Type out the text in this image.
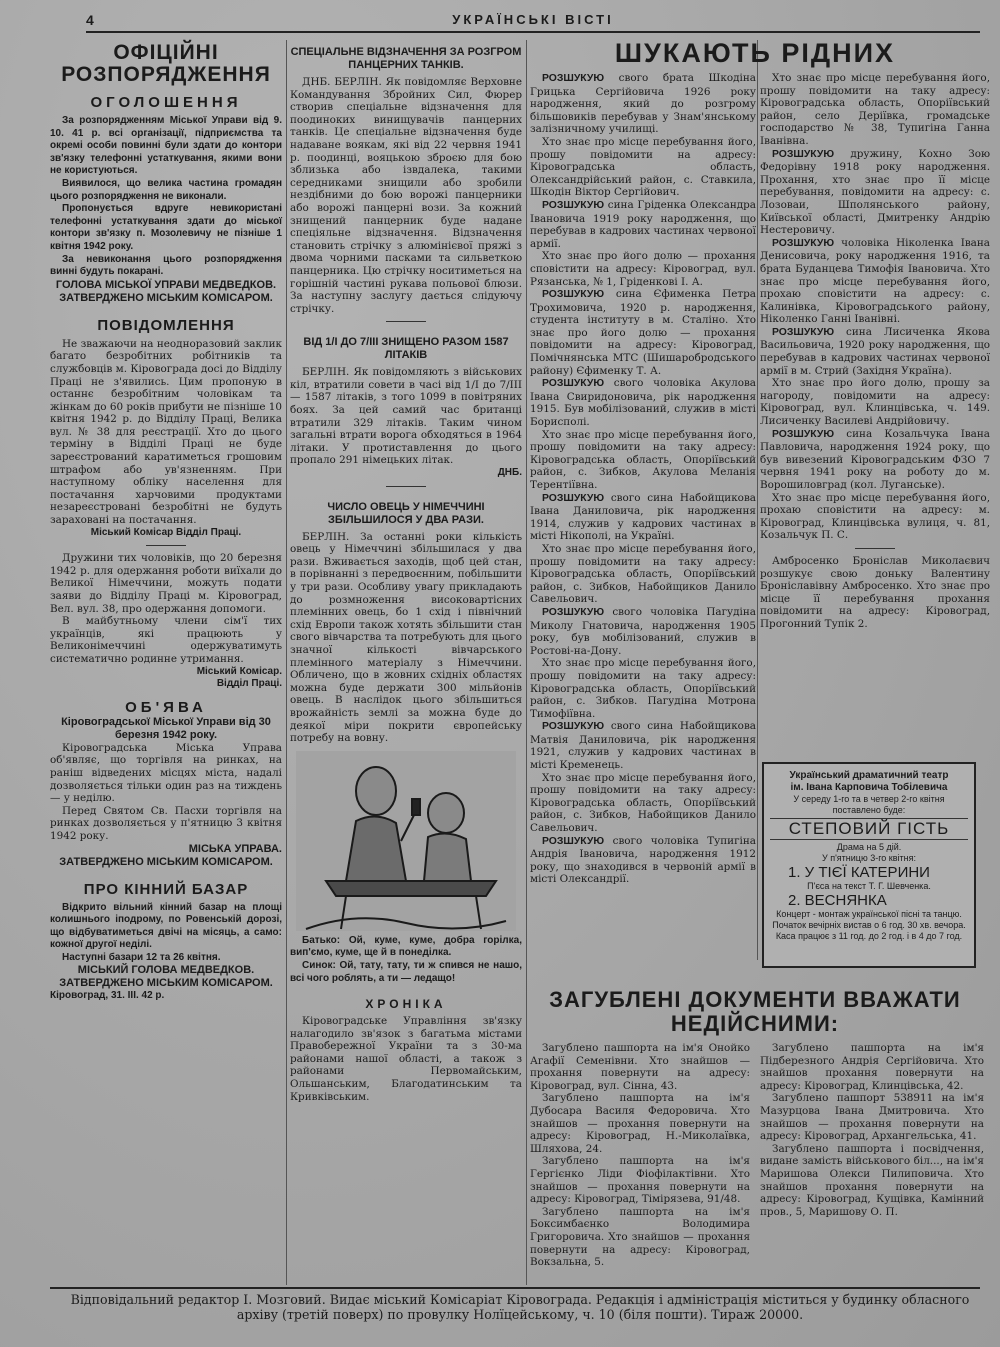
4	УКРАЇНСЬКІ ВІСТІ
ОФІЦІЙНІ РОЗПОРЯДЖЕННЯ
ОГОЛОШЕННЯ

За розпорядженням Міської Управи від 9. 10. 41 р. всі організації, підприємства та окремі особи повинні були здати до контори зв'язку телефонні устаткування, якими вони не користуються.

Виявилося, що велика частина громадян цього розпорядження не виконали.

Пропонується вдруге невикористані телефонні устаткування здати до міської контори зв'язку п. Мозолевичу не пізніше 1 квітня 1942 року.

За невиконання цього розпорядження винні будуть покарані.

ГОЛОВА МІСЬКОЇ УПРАВИ МЕДВЕДКОВ.
ЗАТВЕРДЖЕНО МІСЬКИМ КОМІСАРОМ.
ПОВІДОМЛЕННЯ

Не зважаючи на неодноразовий заклик багато безробітних робітників та службовців м. Кіровограда досі до Відділу Праці не з'явились. Цим пропоную в останнє безробітним чоловікам та жінкам до 60 років прибути не пізніше 10 квітня 1942 р. до Відділу Праці, Велика вул. № 38 для реєстрації. Хто до цього терміну в Відділі Праці не буде зареєстрований каратиметься грошовим штрафом або ув'язненням. При наступному обліку населення для постачання харчовими продуктами незареєстровані безробітні не будуть зараховані на постачання.

Міський Комісар Відділ Праці.

Дружини тих чоловіків, що 20 березня 1942 р. для одержання роботи виїхали до Великої Німеччини, можуть подати заяви до Відділу Праці м. Кіровоград, Вел. вул. 38, про одержання допомоги.

В майбутньому члени сім'ї тих українців, які працюють у Великонімеччині одержуватимуть систематично родинне утримання.

Міський Комісар.

Відділ Праці.

ОБ'ЯВА
Кіровоградської Міської Управи від 30 березня 1942 року.

Кіровоградська Міська Управа об'являє, що торгівля на ринках, на раніш відведених місцях міста, надалі дозволяється тільки один раз на тиждень — у неділю.

Перед Святом Св. Пасхи торгівля на ринках дозволяється у п'ятницю 3 квітня 1942 року.

МІСЬКА УПРАВА.
ЗАТВЕРДЖЕНО МІСЬКИМ КОМІСАРОМ.
ПРО КІННИЙ БАЗАР

Відкрито вільний кінний базар на площі колишнього іподрому, по Ровенській дорозі, що відбуватиметься двічі на місяць, а само: кожної другої неділі.

Наступні базари 12 та 26 квітня.

МІСЬКИЙ ГОЛОВА МЕДВЕДКОВ.
ЗАТВЕРДЖЕНО МІСЬКИМ КОМІСАРОМ.

Кіровоград, 31. III. 42 р.

СПЕЦІАЛЬНЕ ВІДЗНАЧЕННЯ ЗА РОЗГРОМ ПАНЦЕРНИХ ТАНКІВ.

ДНБ. БЕРЛІН. Як повідомляє Верховне Командування Збройних Сил, Фюрер створив спеціальне відзначення для поодиноких винищувачів панцерних танків. Це спеціальне відзначення буде надаване воякам, які від 22 червня 1941 р. поодинці, вояцькою зброєю для бою зблизька або ізвдалека, такими середниками знищили або зробили нездібними до бою ворожі панцерники або ворожі панцерні вози. За кожний знищений панцерник буде надане спеціяльне відзначення. Відзначення становить стрічку з алюмінієвої пряжі з двома чорними пасками та сильветкою панцерника. Цю стрічку носитиметься на горішній частині рукава польової блюзи. За наступну заслугу дається слідуючу стрічку.

ВІД 1/I ДО 7/III ЗНИЩЕНО РАЗОМ 1587 ЛІТАКІВ

БЕРЛІН. Як повідомляють з військових кіл, втратили совети в часі від 1/I до 7/III — 1587 літаків, з того 1099 в повітряних боях. За цей самий час британці втратили 329 літаків. Таким чином загальні втрати ворога обходяться в 1964 літаки. У протиставлення до цього пропало 291 німецьких літак.

ДНБ.

ЧИСЛО ОВЕЦЬ У НІМЕЧЧИНІ ЗБІЛЬШИЛОСЯ У ДВА РАЗИ.

БЕРЛІН. За останні роки кількість овець у Німеччині збільшилася у два рази. Вживається заходів, щоб цей стан, в порівнанні з передвоєнним, побільшити у три рази. Особливу увагу прикладають до розмноження високовартісних племінних овець, бо 1 схід і північний схід Европи також хотять збільшити стан свого вівчарства та потребують для цього значної кількості вівчарського племінного матеріалу з Німеччини. Обличено, що в жовних східніх областях можна буде держати 300 мільйонів овець. В наслідок цього збільшиться врожайність землі за можна буде до деякої міри покрити європейську потребу на вовну.

Батько: Ой, куме, куме, добра горілка, вип'ємо, куме, ще й в понеділка.

Синок: Ой, тату, тату, ти ж спився не нашо, всі чого роблять, а ти — ледащо!

ХРОНІКА

Кіровоградське Управління зв'язку налагодило зв'язок з багатьма містами Правобережної України та з 30-ма районами нашої області, а також з районами Первомайським, Ольшанським, Благодатинським та Кривківським.

ШУКАЮТЬ РІДНИХ

РОЗШУКУЮ свого брата Шкодіна Грицька Сергійовича 1926 року народження, який до розгрому більшовиків перебував у Знам'янському залізничному училищі.

Хто знає про місце перебування його, прошу повідомити на адресу: Кіровоградська область, Олександрійський район, с. Ставкила, Шкодін Віктор Сергійович.

РОЗШУКУЮ сина Гріденка Олександра Івановича 1919 року народження, що перебував в кадрових частинах червоної армії.

Хто знає про його долю — прохання сповістити на адресу: Кіровоград, вул. Рязанська, № 1, Гріденкові І. А.

РОЗШУКУЮ сина Єфименка Петра Трохимовича, 1920 р. народження, студента інституту в м. Сталіно. Хто знає про його долю — прохання повідомити на адресу: Кіровоград, Помічнянська МТС (Шишаробродського району) Єфименку Т. А.

РОЗШУКУЮ свого чоловіка Акулова Івана Свиридоновича, рік народження 1915. Був мобілізований, служив в місті Борисполі.

Хто знає про місце перебування його, прошу повідомити на таку адресу: Кіровоградська область, Опоріївський район, с. Зибков, Акулова Меланія Терентіївна.

РОЗШУКУЮ свого сина Набойщикова Івана Даниловича, рік народження 1914, служив у кадрових частинах в місті Нікополі, на Україні.

Хто знає про місце перебування його, прошу повідомити на таку адресу: Кіровоградська область, Опоріївський район, с. Зибков, Набойщиков Данило Савельович.

РОЗШУКУЮ свого чоловіка Пагудіна Миколу Гнатовича, народження 1905 року, був мобілізований, служив в Ростові-на-Дону.

Хто знає про місце перебування його, прошу повідомити на таку адресу: Кіровоградська область, Опоріївський район, с. Зибков. Пагудіна Мотрона Тимофіївна.

РОЗШУКУЮ свого сина Набойщикова Матвія Даниловича, рік народження 1921, служив у кадрових частинах в місті Кременець.

Хто знає про місце перебування його, прошу повідомити на таку адресу: Кіровоградська область, Опоріївський район, с. Зибков, Набойщиков Данило Савельович.

РОЗШУКУЮ свого чоловіка Тупигіна Андрія Івановича, народження 1912 року, що знаходився в червоній армії в місті Олександрії.

Хто знає про місце перебування його, прошу повідомити на таку адресу: Кіровоградська область, Опоріївський район, село Деріївка, громадське господарство № 38, Тупигіна Ганна Іванівна.

РОЗШУКУЮ дружину, Кохно Зою Федорівну 1918 року народження. Прохання, хто знає про її місце перебування, повідомити на адресу: с. Лозоваи, Шполянського району, Київської області, Дмитренку Андрію Нестеровичу.

РОЗШУКУЮ чоловіка Ніколенка Івана Денисовича, року народження 1916, та брата Буданцева Тимофія Івановича. Хто знає про місце перебування його, прохаю сповістити на адресу: с. Калинівка, Кіровоградського району, Ніколенко Ганні Іванівні.

РОЗШУКУЮ сина Лисиченка Якова Васильовича, 1920 року народження, що перебував в кадрових частинах червоної армії в м. Стрий (Західня Україна).

Хто знає про його долю, прошу за нагороду, повідомити на адресу: Кіровоград, вул. Клинцівська, ч. 149. Лисиченку Василеві Андрійовичу.

РОЗШУКУЮ сина Козальчука Івана Павловича, народження 1924 року, що був вивезений Кіровоградським ФЗО 7 червня 1941 року на роботу до м. Ворошиловград (кол. Луганське).

Хто знає про місце перебування його, прохаю сповістити на адресу: м. Кіровоград, Клинцівська вулиця, ч. 81, Козальчук П. С.

Амбросенко Броніслав Миколаєвич розшукує свою доньку Валентину Броніславівну Амбросенко. Хто знає про місце її перебування прохання повідомити на адресу: Кіровоград, Прогонний Тупік 2.

Український драматичний театр
ім. Івана Карповича Тобілевича
У середу 1-го та в четвер 2-го квітня поставлено буде:
СТЕПОВИЙ ГІСТЬ
Драма на 5 дій.
У п'ятницю 3-го квітня:
1. У ТІЄЇ КАТЕРИНИ
П'єса на текст Т. Г. Шевченка.
2. ВЕСНЯНКА
Концерт - монтаж української пісні та танцю.
Початок вечірніх вистав о 6 год. 30 хв. вечора. Каса працює з 11 год. до 2 год. і в 4 до 7 год.
ЗАГУБЛЕНІ ДОКУМЕНТИ ВВАЖАТИ НЕДІЙСНИМИ:

Загублено пашпорта на ім'я Онойко Агафії Семенівни. Хто знайшов — прохання повернути на адресу: Кіровоград, вул. Сінна, 43.

Загублено пашпорта на ім'я Дубосара Василя Федоровича. Хто знайшов — прохання повернути на адресу: Кіровоград, Н.-Миколаївка, Шляхова, 24.

Загублено пашпорта на ім'я Гергієнко Ліди Фіофілактівни. Хто знайшов — прохання повернути на адресу: Кіровоград, Тімірязева, 91/48.

Загублено пашпорта на ім'я Боксимбаєнко Володимира Григоровича. Хто знайшов — прохання повернути на адресу: Кіровоград, Вокзальна, 5.

Загублено пашпорта на ім'я Підберезного Андрія Сергійовича. Хто знайшов прохання повернути на адресу: Кіровоград, Клинцівська, 42.

Загублено пашпорт 538911 на ім'я Мазурцова Івана Дмитровича. Хто знайшов — прохання повернути на адресу: Кіровоград, Архангельська, 41.

Загублено пашпорта і посвідчення, видане замість військового біл..., на ім'я Маришова Олекси Пилиповича. Хто знайшов прохання повернути на адресу: Кіровоград, Кущівка, Камінний пров., 5, Маришову О. П.

Відповідальний редактор І. Мозговий. Видає міський Комісаріат Кіровограда. Редакція і адміністрація міститься у будинку обласного архіву (третій поверх) по провулку Нолїцейському, ч. 10 (біля пошти). Тираж 20000.
